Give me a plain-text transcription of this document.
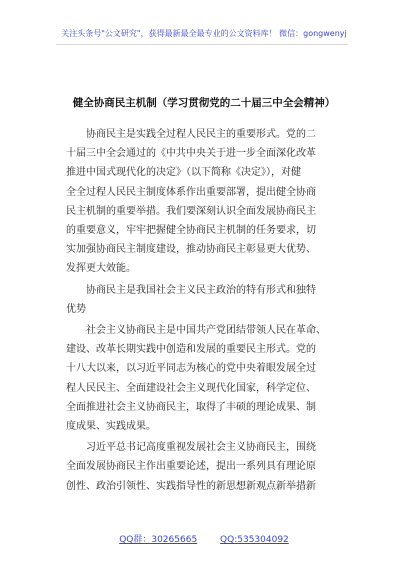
关注头条号"公文研究"，获得最新最全最专业的公文资料库！ 微信：gongwenyj
健全协商民主机制（学习贯彻党的二十届三中全会精神）
协商民主是实践全过程人民民主的重要形式。党的二
十届三中全会通过的《中共中央关于进一步全面深化改革
推进中国式现代化的决定》（以下简称《决定》），对健
全全过程人民民主制度体系作出重要部署，提出健全协商
民主机制的重要举措。我们要深刻认识全面发展协商民主
的重要意义，牢牢把握健全协商民主机制的任务要求，切
实加强协商民主制度建设，推动协商民主彰显更大优势、
发挥更大效能。
协商民主是我国社会主义民主政治的特有形式和独特
优势
社会主义协商民主是中国共产党团结带领人民在革命、
建设、改革长期实践中创造和发展的重要民主形式。党的
十八大以来，以习近平同志为核心的党中央着眼发展全过
程人民民主、全面建设社会主义现代化国家，科学定位、
全面推进社会主义协商民主，取得了丰硕的理论成果、制
度成果、实践成果。
习近平总书记高度重视发展社会主义协商民主，围绕
全面发展协商民主作出重要论述，提出一系列具有理论原
创性、政治引领性、实践指导性的新思想新观点新举措新
QQ群：30265665	QQ:535304092
